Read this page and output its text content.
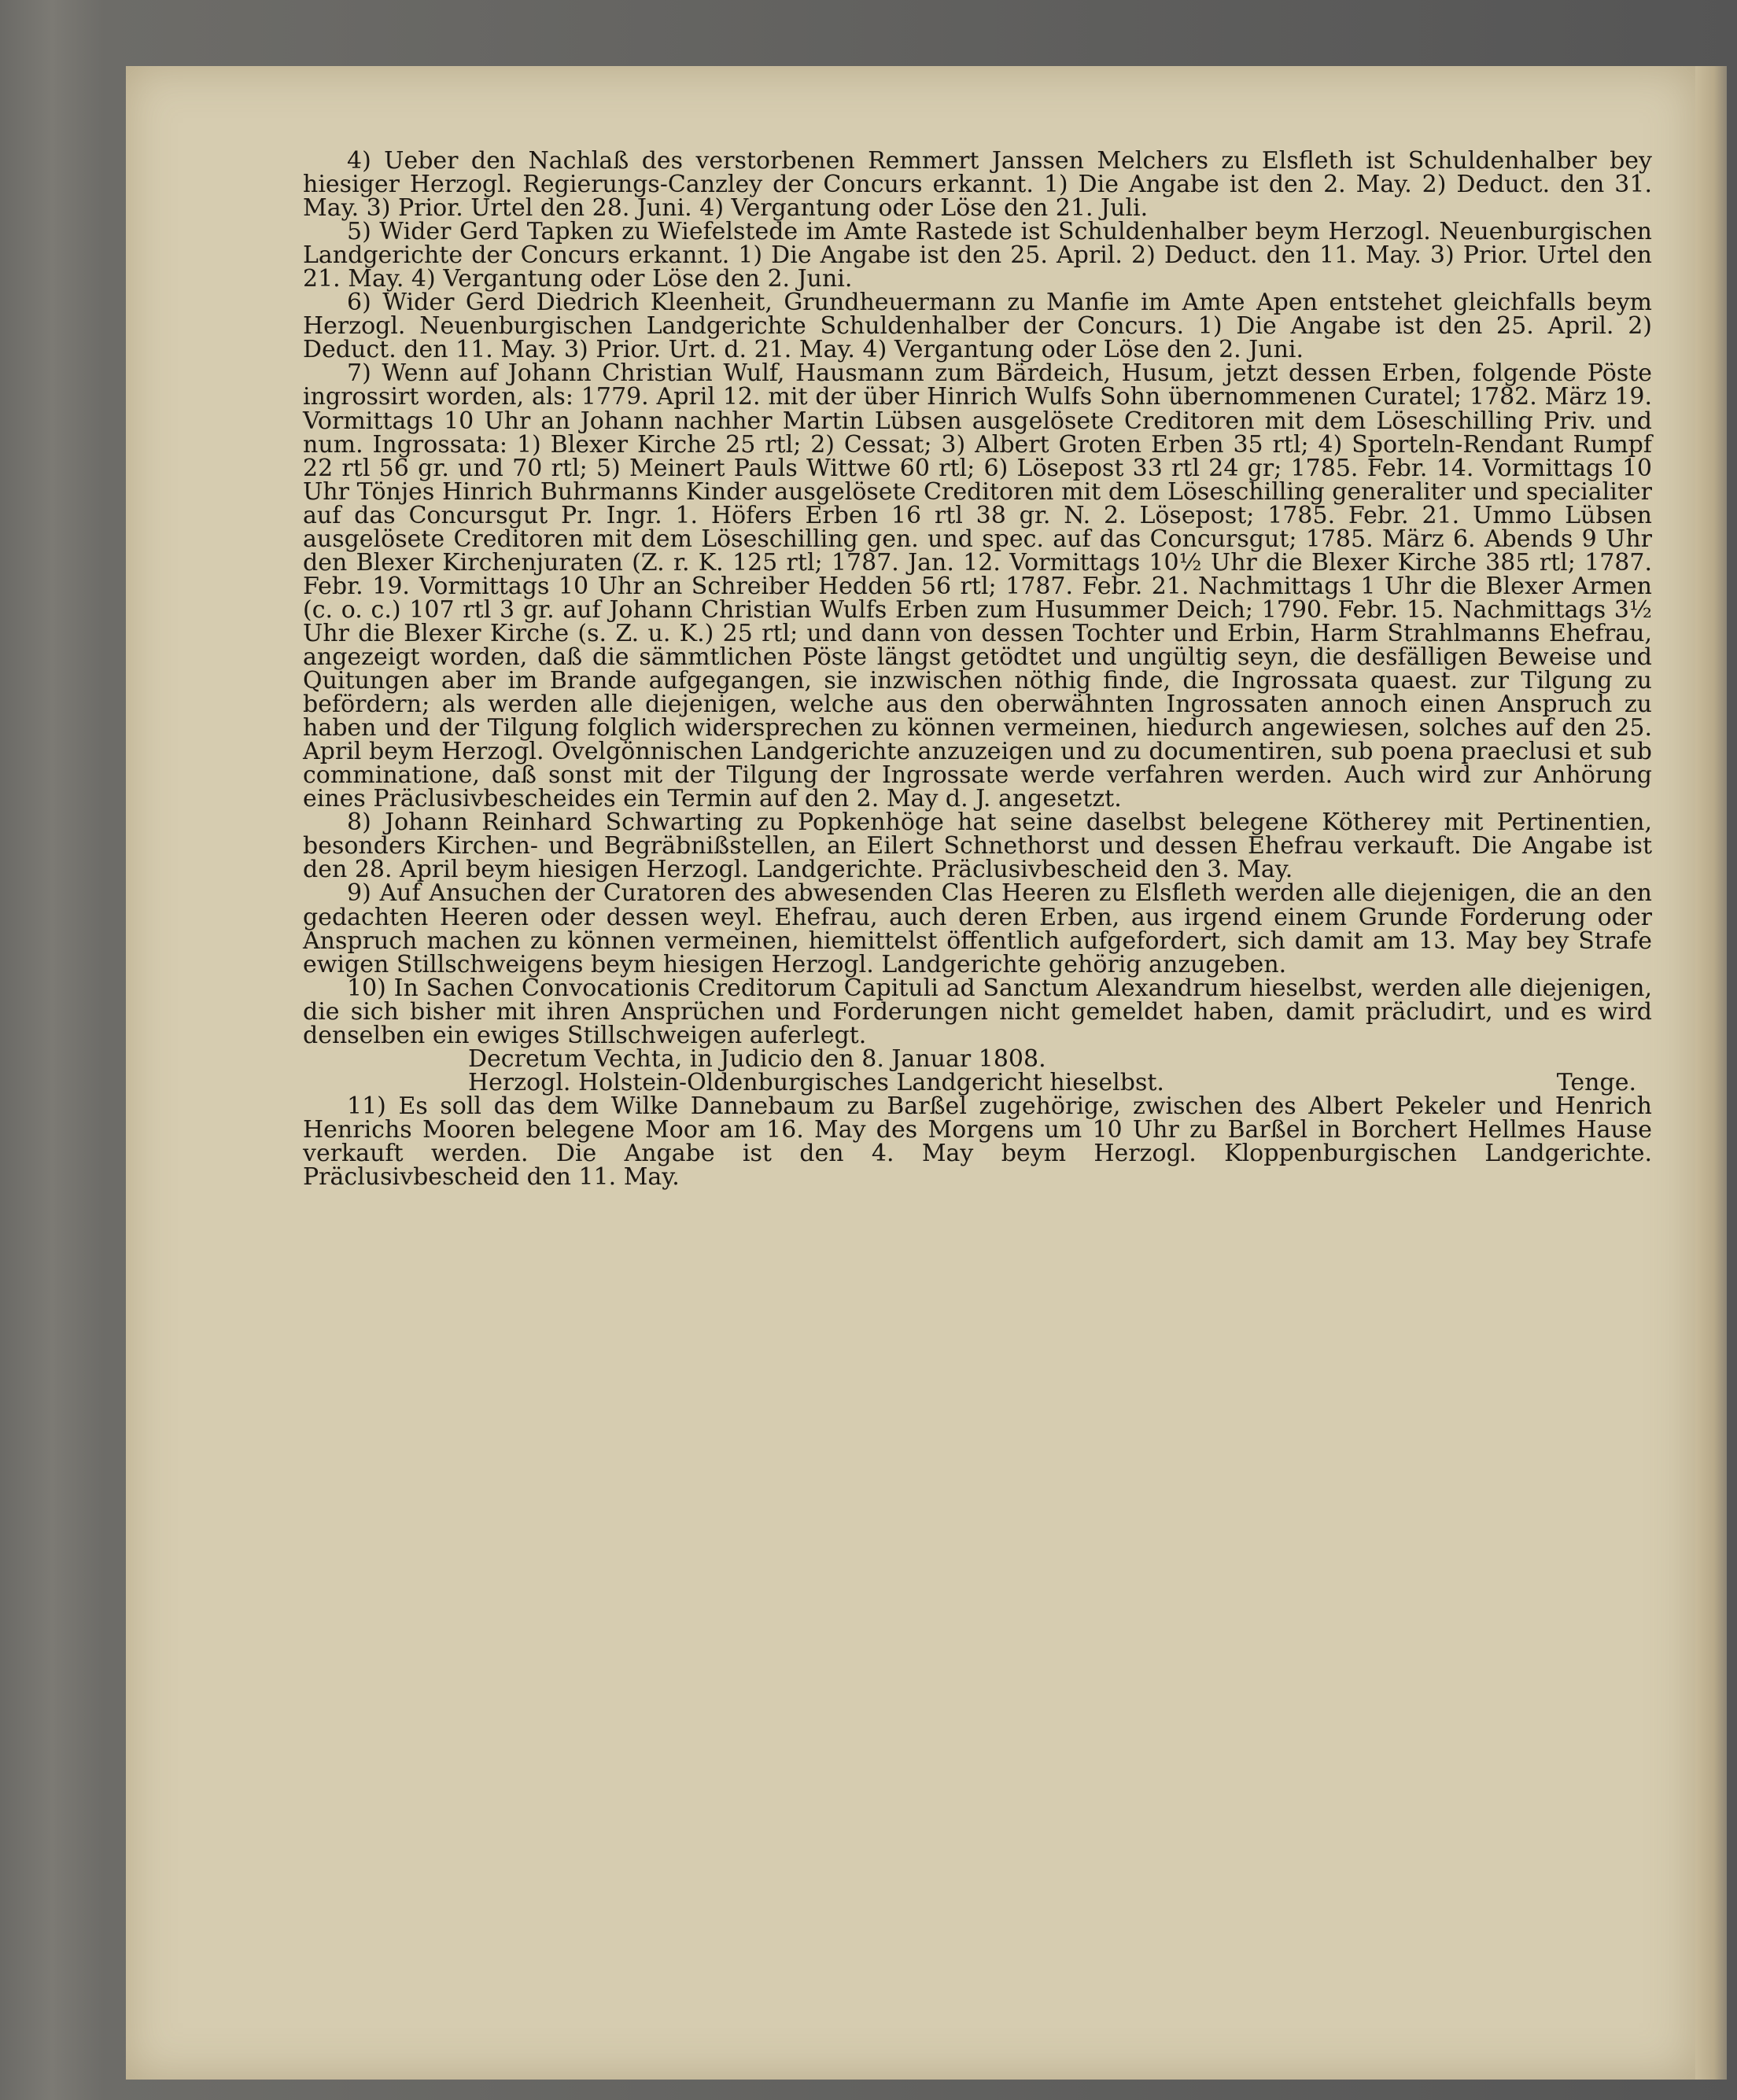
4) Ueber den Nachlaß des verstorbenen Remmert Janssen Melchers zu Elsfleth ist Schuldenhalber bey hiesiger Herzogl. Regierungs-Canzley der Concurs erkannt. 1) Die Angabe ist den 2. May. 2) Deduct. den 31. May. 3) Prior. Urtel den 28. Juni. 4) Vergantung oder Löse den 21. Juli.

5) Wider Gerd Tapken zu Wiefelstede im Amte Rastede ist Schuldenhalber beym Herzogl. Neuenburgischen Landgerichte der Concurs erkannt. 1) Die Angabe ist den 25. April. 2) Deduct. den 11. May. 3) Prior. Urtel den 21. May. 4) Vergantung oder Löse den 2. Juni.

6) Wider Gerd Diedrich Kleenheit, Grundheuermann zu Manfie im Amte Apen entstehet gleichfalls beym Herzogl. Neuenburgischen Landgerichte Schuldenhalber der Concurs. 1) Die Angabe ist den 25. April. 2) Deduct. den 11. May. 3) Prior. Urt. d. 21. May. 4) Vergantung oder Löse den 2. Juni.

7) Wenn auf Johann Christian Wulf, Hausmann zum Bärdeich, Husum, jetzt dessen Erben, folgende Pöste ingrossirt worden, als: 1779. April 12. mit der über Hinrich Wulfs Sohn übernommenen Curatel; 1782. März 19. Vormittags 10 Uhr an Johann nachher Martin Lübsen ausgelösete Creditoren mit dem Löseschilling Priv. und num. Ingrossata: 1) Blexer Kirche 25 rtl; 2) Cessat; 3) Albert Groten Erben 35 rtl; 4) Sporteln-Rendant Rumpf 22 rtl 56 gr. und 70 rtl; 5) Meinert Pauls Wittwe 60 rtl; 6) Lösepost 33 rtl 24 gr; 1785. Febr. 14. Vormittags 10 Uhr Tönjes Hinrich Buhrmanns Kinder ausgelösete Creditoren mit dem Löseschilling generaliter und specialiter auf das Concursgut Pr. Ingr. 1. Höfers Erben 16 rtl 38 gr. N. 2. Lösepost; 1785. Febr. 21. Ummo Lübsen ausgelösete Creditoren mit dem Löseschilling gen. und spec. auf das Concursgut; 1785. März 6. Abends 9 Uhr den Blexer Kirchenjuraten (Z. r. K. 125 rtl; 1787. Jan. 12. Vormittags 10½ Uhr die Blexer Kirche 385 rtl; 1787. Febr. 19. Vormittags 10 Uhr an Schreiber Hedden 56 rtl; 1787. Febr. 21. Nachmittags 1 Uhr die Blexer Armen (c. o. c.) 107 rtl 3 gr. auf Johann Christian Wulfs Erben zum Husummer Deich; 1790. Febr. 15. Nachmittags 3½ Uhr die Blexer Kirche (s. Z. u. K.) 25 rtl; und dann von dessen Tochter und Erbin, Harm Strahlmanns Ehefrau, angezeigt worden, daß die sämmtlichen Pöste längst getödtet und ungültig seyn, die desfälligen Beweise und Quitungen aber im Brande aufgegangen, sie inzwischen nöthig finde, die Ingrossata quaest. zur Tilgung zu befördern; als werden alle diejenigen, welche aus den oberwähnten Ingrossaten annoch einen Anspruch zu haben und der Tilgung folglich widersprechen zu können vermeinen, hiedurch angewiesen, solches auf den 25. April beym Herzogl. Ovelgönnischen Landgerichte anzuzeigen und zu documentiren, sub poena praeclusi et sub comminatione, daß sonst mit der Tilgung der Ingrossate werde verfahren werden. Auch wird zur Anhörung eines Präclusivbescheides ein Termin auf den 2. May d. J. angesetzt.

8) Johann Reinhard Schwarting zu Popkenhöge hat seine daselbst belegene Kötherey mit Pertinentien, besonders Kirchen- und Begräbnißstellen, an Eilert Schnethorst und dessen Ehefrau verkauft. Die Angabe ist den 28. April beym hiesigen Herzogl. Landgerichte. Präclusivbescheid den 3. May.

9) Auf Ansuchen der Curatoren des abwesenden Clas Heeren zu Elsfleth werden alle diejenigen, die an den gedachten Heeren oder dessen weyl. Ehefrau, auch deren Erben, aus irgend einem Grunde Forderung oder Anspruch machen zu können vermeinen, hiemittelst öffentlich aufgefordert, sich damit am 13. May bey Strafe ewigen Stillschweigens beym hiesigen Herzogl. Landgerichte gehörig anzugeben.

10) In Sachen Convocationis Creditorum Capituli ad Sanctum Alexandrum hieselbst, werden alle diejenigen, die sich bisher mit ihren Ansprüchen und Forderungen nicht gemeldet haben, damit präcludirt, und es wird denselben ein ewiges Stillschweigen auferlegt.

Decretum Vechta, in Judicio den 8. Januar 1808.

Herzogl. Holstein-Oldenburgisches Landgericht hieselbst.	Tenge.

11) Es soll das dem Wilke Dannebaum zu Barßel zugehörige, zwischen des Albert Pekeler und Henrich Henrichs Mooren belegene Moor am 16. May des Morgens um 10 Uhr zu Barßel in Borchert Hellmes Hause verkauft werden. Die Angabe ist den 4. May beym Herzogl. Kloppenburgischen Landgerichte. Präclusivbescheid den 11. May.
